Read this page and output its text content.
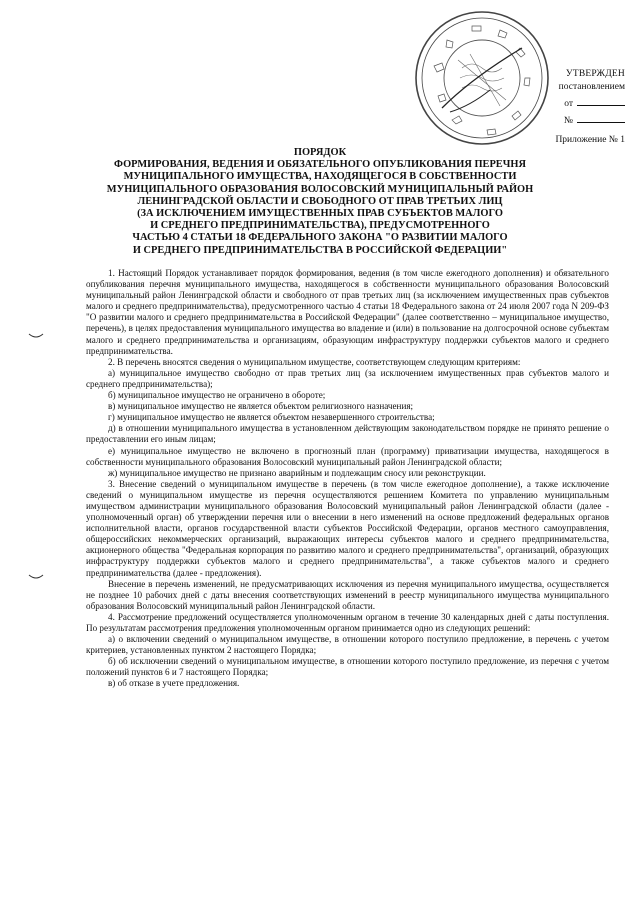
УТВЕРЖДЕН
постановлением
от
№
Приложение № 1
ПОРЯДОК
ФОРМИРОВАНИЯ, ВЕДЕНИЯ И ОБЯЗАТЕЛЬНОГО ОПУБЛИКОВАНИЯ ПЕРЕЧНЯ
МУНИЦИПАЛЬНОГО ИМУЩЕСТВА, НАХОДЯЩЕГОСЯ В СОБСТВЕННОСТИ
МУНИЦИПАЛЬНОГО ОБРАЗОВАНИЯ ВОЛОСОВСКИЙ МУНИЦИПАЛЬНЫЙ РАЙОН
ЛЕНИНГРАДСКОЙ ОБЛАСТИ И СВОБОДНОГО ОТ ПРАВ ТРЕТЬИХ ЛИЦ
(ЗА ИСКЛЮЧЕНИЕМ ИМУЩЕСТВЕННЫХ ПРАВ СУБЪЕКТОВ МАЛОГО
И СРЕДНЕГО ПРЕДПРИНИМАТЕЛЬСТВА), ПРЕДУСМОТРЕННОГО
ЧАСТЬЮ 4 СТАТЬИ 18 ФЕДЕРАЛЬНОГО ЗАКОНА "О РАЗВИТИИ МАЛОГО
И СРЕДНЕГО ПРЕДПРИНИМАТЕЛЬСТВА В РОССИЙСКОЙ ФЕДЕРАЦИИ"

1. Настоящий Порядок устанавливает порядок формирования, ведения (в том числе ежегодного дополнения) и обязательного опубликования перечня муниципального имущества, находящегося в собственности муниципального образования Волосовский муниципальный район Ленинградской области и свободного от прав третьих лиц (за исключением имущественных прав субъектов малого и среднего предпринимательства), предусмотренного частью 4 статьи 18 Федерального закона от 24 июля 2007 года N 209-ФЗ "О развитии малого и среднего предпринимательства в Российской Федерации" (далее соответственно – муниципальное имущество, перечень), в целях предоставления муниципального имущества во владение и (или) в пользование на долгосрочной основе субъектам малого и среднего предпринимательства и организациям, образующим инфраструктуру поддержки субъектов малого и среднего предпринимательства.

2. В перечень вносятся сведения о муниципальном имуществе, соответствующем следующим критериям:

а) муниципальное имущество свободно от прав третьих лиц (за исключением имущественных прав субъектов малого и среднего предпринимательства);

б) муниципальное имущество не ограничено в обороте;

в) муниципальное имущество не является объектом религиозного назначения;

г) муниципальное имущество не является объектом незавершенного строительства;

д) в отношении муниципального имущества в установленном действующим законодательством порядке не принято решение о предоставлении его иным лицам;

е) муниципальное имущество не включено в прогнозный план (программу) приватизации имущества, находящегося в собственности муниципального образования Волосовский муниципальный район Ленинградской области;

ж) муниципальное имущество не признано аварийным и подлежащим сносу или реконструкции.

3. Внесение сведений о муниципальном имуществе в перечень (в том числе ежегодное дополнение), а также исключение сведений о муниципальном имуществе из перечня осуществляются решением Комитета по управлению муниципальным имуществом администрации муниципального образования Волосовский муниципальный район Ленинградской области (далее - уполномоченный орган) об утверждении перечня или о внесении в него изменений на основе предложений федеральных органов исполнительной власти, органов государственной власти субъектов Российской Федерации, органов местного самоуправления, общероссийских некоммерческих организаций, выражающих интересы субъектов малого и среднего предпринимательства, акционерного общества "Федеральная корпорация по развитию малого и среднего предпринимательства", организаций, образующих инфраструктуру поддержки субъектов малого и среднего предпринимательства", а также субъектов малого и среднего предпринимательства (далее - предложения).

Внесение в перечень изменений, не предусматривающих исключения из перечня муниципального имущества, осуществляется не позднее 10 рабочих дней с даты внесения соответствующих изменений в реестр муниципального имущества муниципального образования Волосовский муниципальный район Ленинградской области.

4. Рассмотрение предложений осуществляется уполномоченным органом в течение 30 календарных дней с даты поступления. По результатам рассмотрения предложения уполномоченным органом принимается одно из следующих решений:

а) о включении сведений о муниципальном имуществе, в отношении которого поступило предложение, в перечень с учетом критериев, установленных пунктом 2 настоящего Порядка;

б) об исключении сведений о муниципальном имуществе, в отношении которого поступило предложение, из перечня с учетом положений пунктов 6 и 7 настоящего Порядка;

в) об отказе в учете предложения.
